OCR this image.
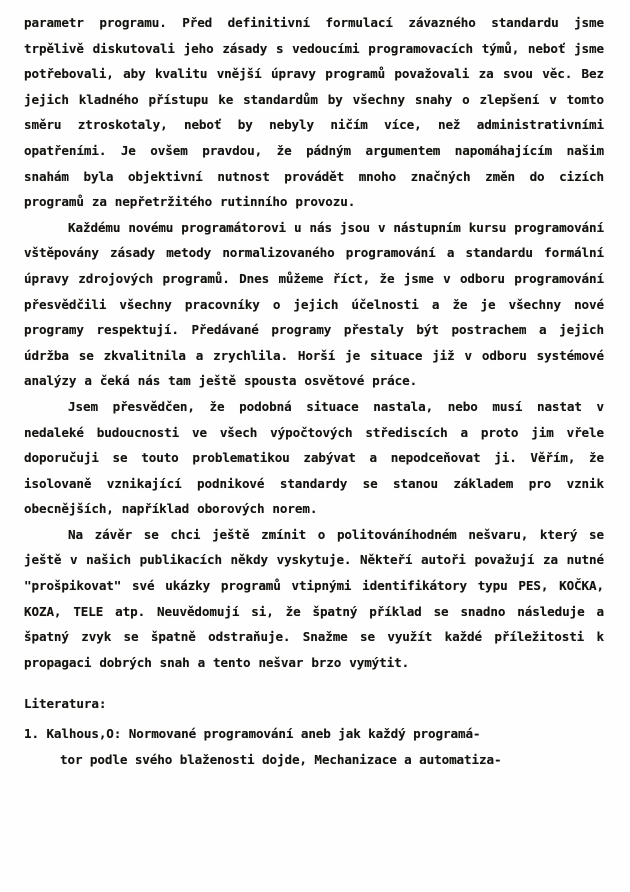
parametr programu. Před definitivní formulací závazného standardu jsme trpělivě diskutovali jeho zásady s vedoucími programovacích týmů, neboť jsme potřebovali, aby kvalitu vnější úpravy programů považovali za svou věc. Bez jejich kladného přístupu ke standardům by všechny snahy o zlepšení v tomto směru ztroskotaly, neboť by nebyly ničím více, než administrativními opatřeními. Je ovšem pravdou, že pádným argumentem napomáhajícím našim snahám byla objektivní nutnost provádět mnoho značných změn do cizích programů za nepřetržitého rutinního provozu.

Každému novému programátorovi u nás jsou v nástupním kursu programování vštěpovány zásady metody normalizovaného programování a standardu formální úpravy zdrojových programů. Dnes můžeme říct, že jsme v odboru programování přesvědčili všechny pracovníky o jejich účelnosti a že je všechny nové programy respektují. Předávané programy přestaly být postrachem a jejich údržba se zkvalitnila a zrychlila. Horší je situace již v odboru systémové analýzy a čeká nás tam ještě spousta osvětové práce.

Jsem přesvědčen, že podobná situace nastala, nebo musí nastat v nedaleké budoucnosti ve všech výpočtových střediscích a proto jim vřele doporučuji se touto problematikou zabývat a nepodceňovat ji. Věřím, že isolovaně vznikající podnikové standardy se stanou základem pro vznik obecnějších, například oborových norem.

Na závěr se chci ještě zmínit o politováníhodném nešvaru, který se ještě v našich publikacích někdy vyskytuje. Někteří autoři považují za nutné "prošpikovat" své ukázky programů vtipnými identifikátory typu PES, KOČKA, KOZA, TELE atp. Neuvědomují si, že špatný příklad se snadno následuje a špatný zvyk se špatně odstraňuje. Snažme se využít každé příležitosti k propagaci dobrých snah a tento nešvar brzo vymýtit.

Literatura:
1. Kalhous,O: Normované programování aneb jak každý programá-
tor podle svého blaženosti dojde, Mechanizace a automatiza-
